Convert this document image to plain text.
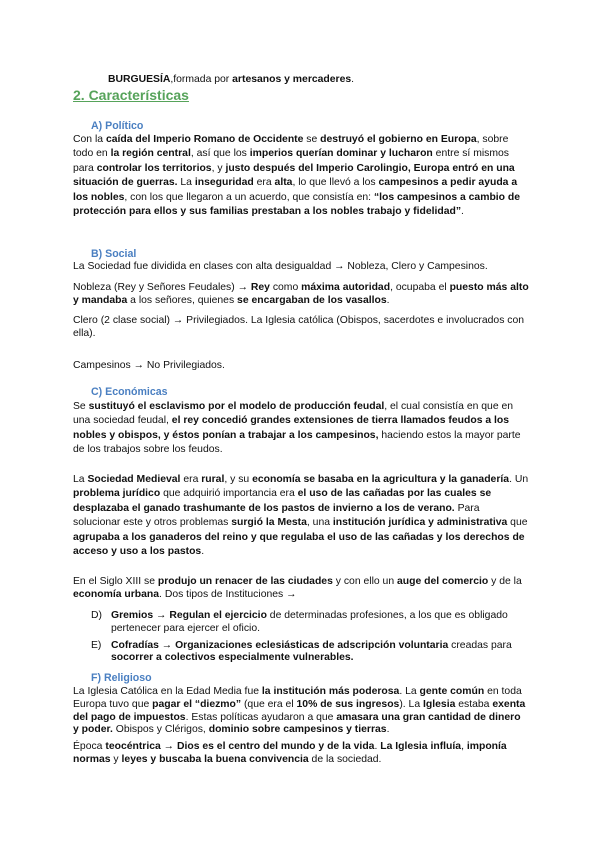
BURGUESÍA,formada por artesanos y mercaderes.

2. Características
A) Político

Con la caída del Imperio Romano de Occidente se destruyó el gobierno en Europa, sobre todo en la región central, así que los imperios querían dominar y lucharon entre sí mismos para controlar los territorios, y justo después del Imperio Carolingio, Europa entró en una situación de guerras. La inseguridad era alta, lo que llevó a los campesinos a pedir ayuda a los nobles, con los que llegaron a un acuerdo, que consistía en: “los campesinos a cambio de protección para ellos y sus familias prestaban a los nobles trabajo y fidelidad”.

B) Social

La Sociedad fue dividida en clases con alta desigualdad → Nobleza, Clero y Campesinos.

Nobleza (Rey y Señores Feudales) → Rey como máxima autoridad, ocupaba el puesto más alto y mandaba a los señores, quienes se encargaban de los vasallos.

Clero (2 clase social) → Privilegiados. La Iglesia católica (Obispos, sacerdotes e involucrados con ella).

Campesinos → No Privilegiados.

C) Económicas

Se sustituyó el esclavismo por el modelo de producción feudal, el cual consistía en que en una sociedad feudal, el rey concedió grandes extensiones de tierra llamados feudos a los nobles y obispos, y éstos ponían a trabajar a los campesinos, haciendo estos la mayor parte de los trabajos sobre los feudos.

La Sociedad Medieval era rural, y su economía se basaba en la agricultura y la ganadería. Un problema jurídico que adquirió importancia era el uso de las cañadas por las cuales se desplazaba el ganado trashumante de los pastos de invierno a los de verano. Para solucionar este y otros problemas surgió la Mesta, una institución jurídica y administrativa que agrupaba a los ganaderos del reino y que regulaba el uso de las cañadas y los derechos de acceso y uso a los pastos.

En el Siglo XIII se produjo un renacer de las ciudades y con ello un auge del comercio y de la economía urbana. Dos tipos de Instituciones →

D) Gremios → Regulan el ejercicio de determinadas profesiones, a los que es obligado pertenecer para ejercer el oficio.
E) Cofradías → Organizaciones eclesiásticas de adscripción voluntaria creadas para socorrer a colectivos especialmente vulnerables.
F) Religioso

La Iglesia Católica en la Edad Media fue la institución más poderosa. La gente común en toda Europa tuvo que pagar el “diezmo” (que era el 10% de sus ingresos). La Iglesia estaba exenta del pago de impuestos. Estas políticas ayudaron a que amasara una gran cantidad de dinero y poder. Obispos y Clérigos, dominio sobre campesinos y tierras.

Época teocéntrica → Dios es el centro del mundo y de la vida. La Iglesia influía, imponía normas y leyes y buscaba la buena convivencia de la sociedad.
